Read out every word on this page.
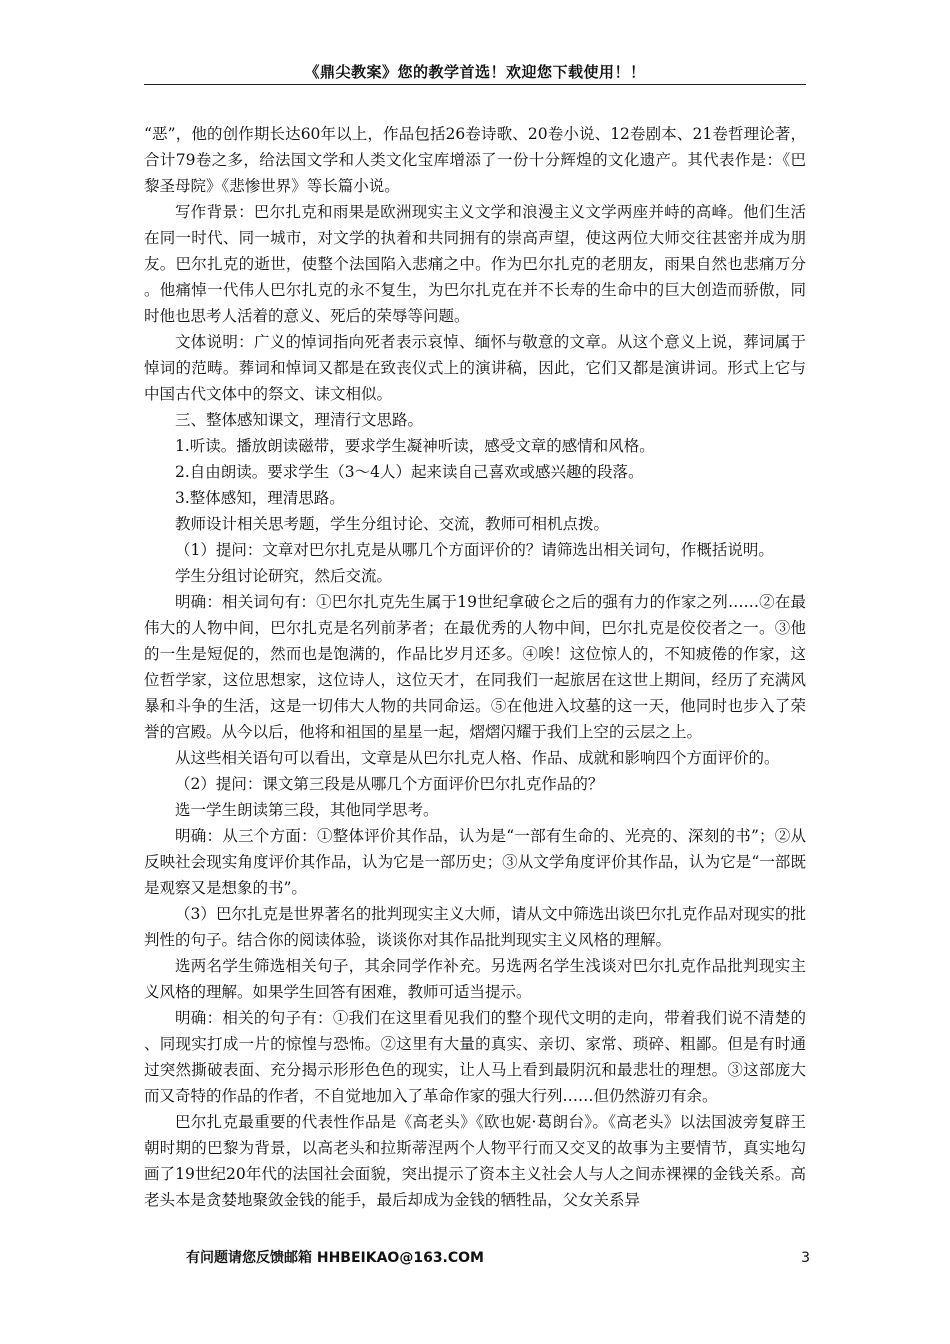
《鼎尖教案》您的教学首选！欢迎您下载使用！！

“恶”，他的创作期长达60年以上，作品包括26卷诗歌、20卷小说、12卷剧本、21卷哲理论著，合计79卷之多，给法国文学和人类文化宝库增添了一份十分辉煌的文化遗产。其代表作是：《巴黎圣母院》《悲惨世界》等长篇小说。

写作背景：巴尔扎克和雨果是欧洲现实主义文学和浪漫主义文学两座并峙的高峰。他们生活在同一时代、同一城市，对文学的执着和共同拥有的崇高声望，使这两位大师交往甚密并成为朋友。巴尔扎克的逝世，使整个法国陷入悲痛之中。作为巴尔扎克的老朋友，雨果自然也悲痛万分。他痛悼一代伟人巴尔扎克的永不复生，为巴尔扎克在并不长寿的生命中的巨大创造而骄傲，同时他也思考人活着的意义、死后的荣辱等问题。

文体说明：广义的悼词指向死者表示哀悼、缅怀与敬意的文章。从这个意义上说，葬词属于悼词的范畴。葬词和悼词又都是在致丧仪式上的演讲稿，因此，它们又都是演讲词。形式上它与中国古代文体中的祭文、诔文相似。

三、整体感知课文，理清行文思路。

1.听读。播放朗读磁带，要求学生凝神听读，感受文章的感情和风格。

2.自由朗读。要求学生（3～4人）起来读自己喜欢或感兴趣的段落。

3.整体感知，理清思路。

教师设计相关思考题，学生分组讨论、交流，教师可相机点拨。

（1）提问：文章对巴尔扎克是从哪几个方面评价的？请筛选出相关词句，作概括说明。

学生分组讨论研究，然后交流。

明确：相关词句有：①巴尔扎克先生属于19世纪拿破仑之后的强有力的作家之列……②在最伟大的人物中间，巴尔扎克是名列前茅者；在最优秀的人物中间，巴尔扎克是佼佼者之一。③他的一生是短促的，然而也是饱满的，作品比岁月还多。④唉！这位惊人的，不知疲倦的作家，这位哲学家，这位思想家，这位诗人，这位天才，在同我们一起旅居在这世上期间，经历了充满风暴和斗争的生活，这是一切伟大人物的共同命运。⑤在他进入坟墓的这一天，他同时也步入了荣誉的宫殿。从今以后，他将和祖国的星星一起，熠熠闪耀于我们上空的云层之上。

从这些相关语句可以看出，文章是从巴尔扎克人格、作品、成就和影响四个方面评价的。

（2）提问：课文第三段是从哪几个方面评价巴尔扎克作品的？

选一学生朗读第三段，其他同学思考。

明确：从三个方面：①整体评价其作品，认为是“一部有生命的、光亮的、深刻的书”；②从反映社会现实角度评价其作品，认为它是一部历史；③从文学角度评价其作品，认为它是“一部既是观察又是想象的书”。

（3）巴尔扎克是世界著名的批判现实主义大师，请从文中筛选出谈巴尔扎克作品对现实的批判性的句子。结合你的阅读体验，谈谈你对其作品批判现实主义风格的理解。

选两名学生筛选相关句子，其余同学作补充。另选两名学生浅谈对巴尔扎克作品批判现实主义风格的理解。如果学生回答有困难，教师可适当提示。

明确：相关的句子有：①我们在这里看见我们的整个现代文明的走向，带着我们说不清楚的、同现实打成一片的惊惶与恐怖。②这里有大量的真实、亲切、家常、琐碎、粗鄙。但是有时通过突然撕破表面、充分揭示形形色色的现实，让人马上看到最阴沉和最悲壮的理想。③这部庞大而又奇特的作品的作者，不自觉地加入了革命作家的强大行列……但仍然游刃有余。

巴尔扎克最重要的代表性作品是《高老头》《欧也妮·葛朗台》。《高老头》以法国波旁复辟王朝时期的巴黎为背景，以高老头和拉斯蒂涅两个人物平行而又交叉的故事为主要情节，真实地勾画了19世纪20年代的法国社会面貌，突出提示了资本主义社会人与人之间赤裸裸的金钱关系。高老头本是贪婪地聚敛金钱的能手，最后却成为金钱的牺牲品，父女关系异

有问题请您反馈邮箱 HHBEIKAO@163.COM	3
